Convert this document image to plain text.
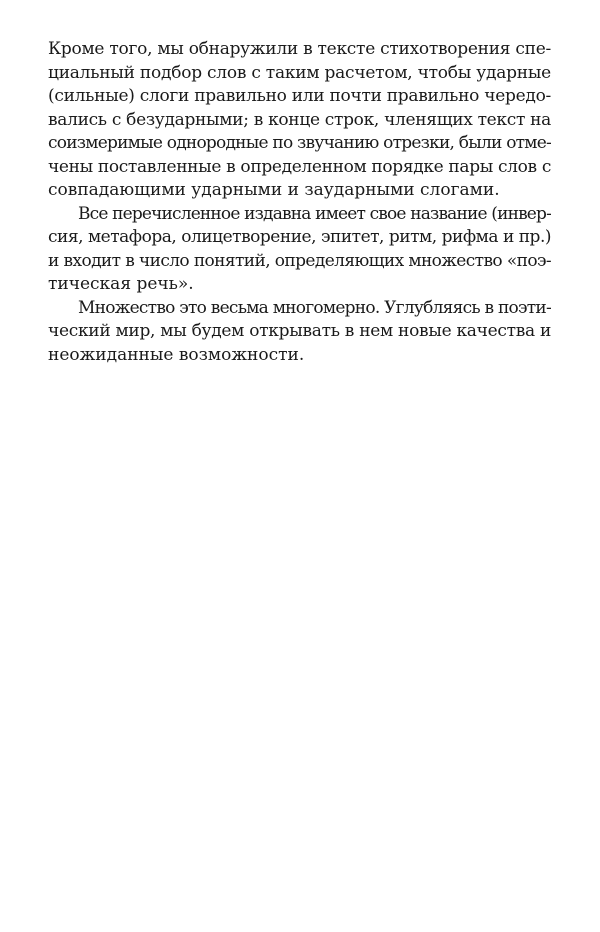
Кроме того, мы обнаружили в тексте стихотворения спе-
циальный подбор слов с таким расчетом, чтобы ударные
(сильные) слоги правильно или почти правильно чередо-
вались с безударными; в конце строк, членящих текст на
соизмеримые однородные по звучанию отрезки, были отме-
чены поставленные в определенном порядке пары слов с
совпадающими ударными и заударными слогами.
Все перечисленное издавна имеет свое название (инвер-
сия, метафора, олицетворение, эпитет, ритм, рифма и пр.)
и входит в число понятий, определяющих множество «поэ-
тическая речь».
Множество это весьма многомерно. Углубляясь в поэти-
ческий мир, мы будем открывать в нем новые качества и
неожиданные возможности.
